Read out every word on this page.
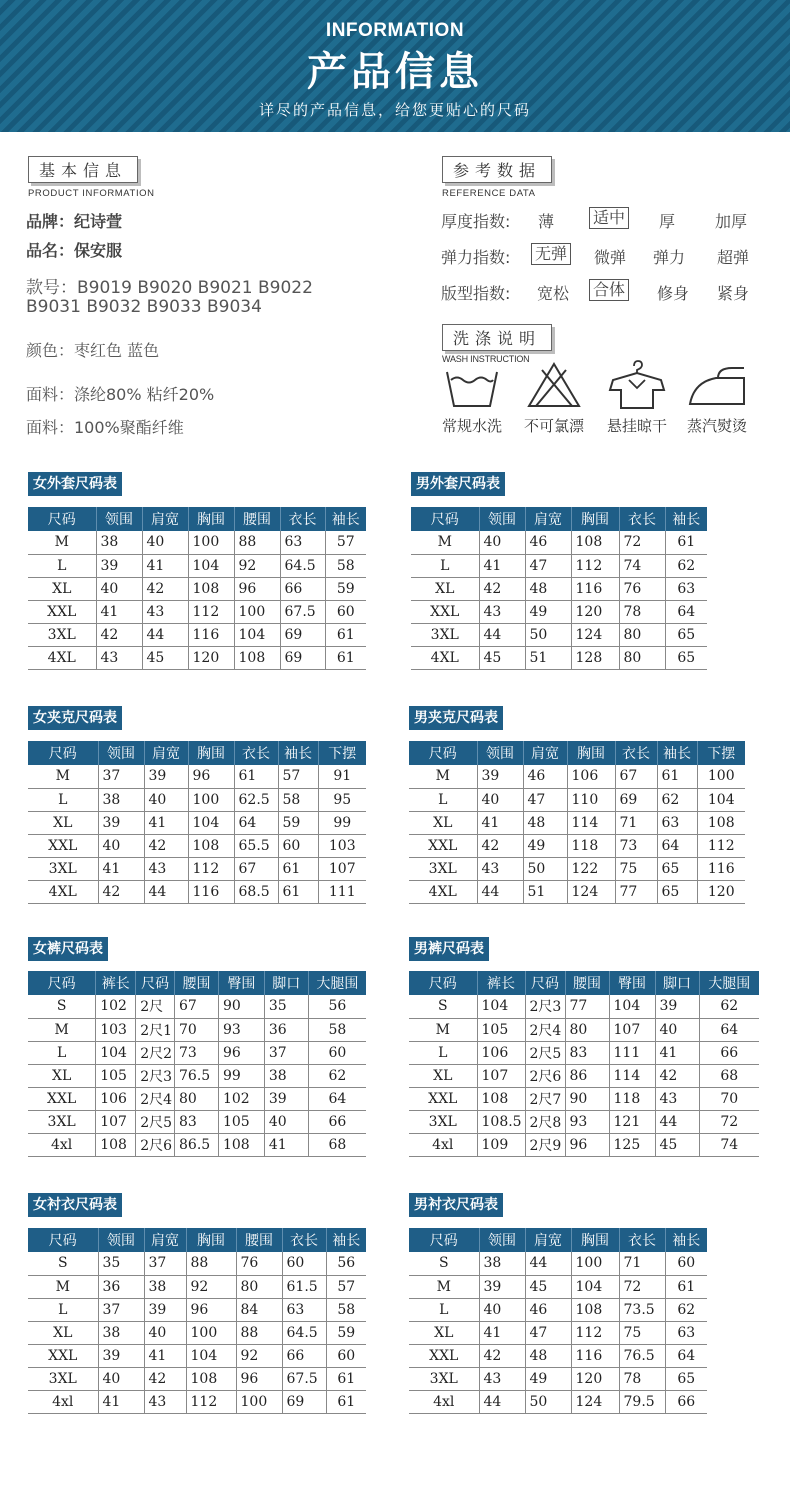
INFORMATION
产品信息
详尽的产品信息，给您更贴心的尺码
基本信息
PRODUCT INFORMATION
品牌：纪诗萱
品名：保安服
款号：B9019 B9020 B9021 B9022
B9031 B9032 B9033 B9034
颜色：枣红色 蓝色
面料：涤纶80% 粘纤20%
面料：100%聚酯纤维
参考数据
REFERENCE DATA
厚度指数: 薄 适中 厚 加厚
弹力指数: 无弹 微弹 弹力 超弹
版型指数: 宽松 合体 修身 紧身
洗涤说明
WASH INSTRUCTION
常规水洗	不可氯漂	悬挂晾干	蒸汽熨烫
女外套尺码表
尺码	领围	肩宽	胸围	腰围	衣长	袖长
M	38	40	100	88	63	57
L	39	41	104	92	64.5	58
XL	40	42	108	96	66	59
XXL	41	43	112	100	67.5	60
3XL	42	44	116	104	69	61
4XL	43	45	120	108	69	61
男外套尺码表
尺码	领围	肩宽	胸围	衣长	袖长
M	40	46	108	72	61
L	41	47	112	74	62
XL	42	48	116	76	63
XXL	43	49	120	78	64
3XL	44	50	124	80	65
4XL	45	51	128	80	65
女夹克尺码表
尺码	领围	肩宽	胸围	衣长	袖长	下摆
M	37	39	96	61	57	91
L	38	40	100	62.5	58	95
XL	39	41	104	64	59	99
XXL	40	42	108	65.5	60	103
3XL	41	43	112	67	61	107
4XL	42	44	116	68.5	61	111
男夹克尺码表
尺码	领围	肩宽	胸围	衣长	袖长	下摆
M	39	46	106	67	61	100
L	40	47	110	69	62	104
XL	41	48	114	71	63	108
XXL	42	49	118	73	64	112
3XL	43	50	122	75	65	116
4XL	44	51	124	77	65	120
女裤尺码表
尺码	裤长	尺码	腰围	臀围	脚口	大腿围
S	102	2尺	67	90	35	56
M	103	2尺1	70	93	36	58
L	104	2尺2	73	96	37	60
XL	105	2尺3	76.5	99	38	62
XXL	106	2尺4	80	102	39	64
3XL	107	2尺5	83	105	40	66
4xl	108	2尺6	86.5	108	41	68
男裤尺码表
尺码	裤长	尺码	腰围	臀围	脚口	大腿围
S	104	2尺3	77	104	39	62
M	105	2尺4	80	107	40	64
L	106	2尺5	83	111	41	66
XL	107	2尺6	86	114	42	68
XXL	108	2尺7	90	118	43	70
3XL	108.5	2尺8	93	121	44	72
4xl	109	2尺9	96	125	45	74
女衬衣尺码表
尺码	领围	肩宽	胸围	腰围	衣长	袖长
S	35	37	88	76	60	56
M	36	38	92	80	61.5	57
L	37	39	96	84	63	58
XL	38	40	100	88	64.5	59
XXL	39	41	104	92	66	60
3XL	40	42	108	96	67.5	61
4xl	41	43	112	100	69	61
男衬衣尺码表
尺码	领围	肩宽	胸围	衣长	袖长
S	38	44	100	71	60
M	39	45	104	72	61
L	40	46	108	73.5	62
XL	41	47	112	75	63
XXL	42	48	116	76.5	64
3XL	43	49	120	78	65
4xl	44	50	124	79.5	66
